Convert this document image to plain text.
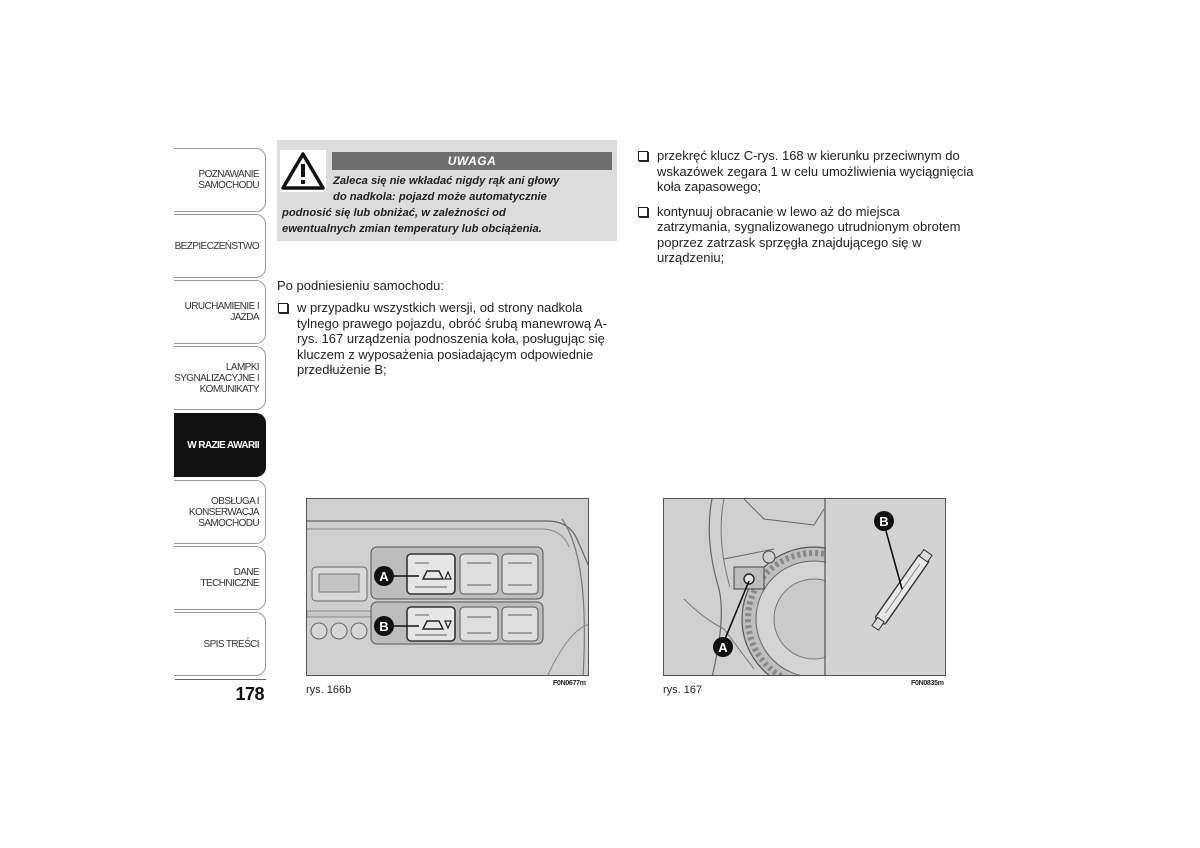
POZNAWANIE
SAMOCHODU
BEZPIECZEŃSTWO
URUCHAMIENIE I
JAZDA
LAMPKI
SYGNALIZACYJNE I
KOMUNIKATY
W RAZIE AWARII
OBSŁUGA I
KONSERWACJA
SAMOCHODU
DANE TECHNICZNE
SPIS TREŚCI
178
UWAGA
Zaleca się nie wkładać nigdy rąk ani głowy
do nadkola: pojazd może automatycznie
podnosić się lub obniżać, w zależności od
ewentualnych zmian temperatury lub obciążenia.
Po podniesieniu samochodu:
w przypadku wszystkich wersji, od strony nadkola tylnego prawego pojazdu, obróć śrubą manewrową A-rys. 167 urządzenia podnoszenia koła, posługując się kluczem z wyposażenia posiadającym odpowiednie przedłużenie B;
przekręć klucz C-rys. 168 w kierunku przeciwnym do wskazówek zegara 1 w celu umożliwienia wyciągnięcia koła zapasowego;
kontynuuj obracanie w lewo aż do miejsca zatrzymania, sygnalizowanego utrudnionym obrotem poprzez zatrzask sprzęgła znajdującego się w urządzeniu;
A
B
rys. 166b
F0N0677m
A
B
rys. 167
F0N0835m
